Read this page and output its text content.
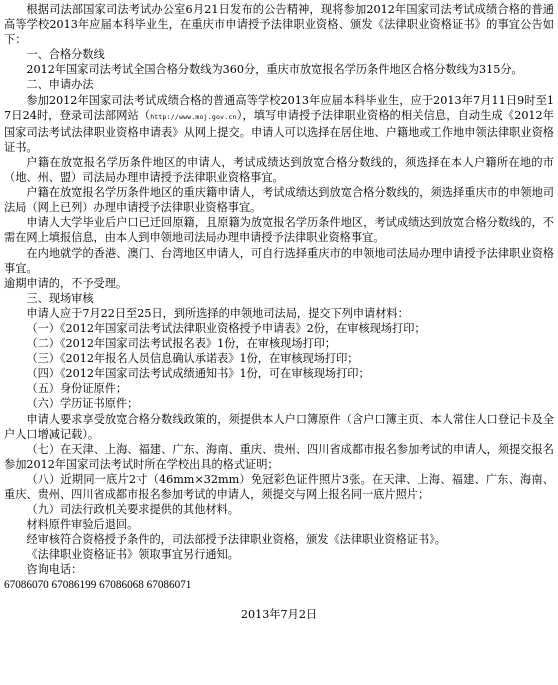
根据司法部国家司法考试办公室6月21日发布的公告精神，现将参加2012年国家司法考试成绩合格的普通高等学校2013年应届本科毕业生，在重庆市申请授予法律职业资格、颁发《法律职业资格证书》的事宜公告如下：

一、合格分数线

2012年国家司法考试全国合格分数线为360分，重庆市放宽报名学历条件地区合格分数线为315分。

二、申请办法

参加2012年国家司法考试成绩合格的普通高等学校2013年应届本科毕业生，应于2013年7月11日9时至17日24时，登录司法部网站（http://www.moj.gov.cn），填写申请授予法律职业资格的相关信息，自动生成《2012年国家司法考试法律职业资格申请表》从网上提交。申请人可以选择在居住地、户籍地或工作地申领法律职业资格证书。

户籍在放宽报名学历条件地区的申请人，考试成绩达到放宽合格分数线的，须选择在本人户籍所在地的市（地、州、盟）司法局办理申请授予法律职业资格事宜。

户籍在放宽报名学历条件地区的重庆籍申请人，考试成绩达到放宽合格分数线的，须选择重庆市的申领地司法局（网上已列）办理申请授予法律职业资格事宜。

申请人大学毕业后户口已迁回原籍，且原籍为放宽报名学历条件地区，考试成绩达到放宽合格分数线的，不需在网上填报信息，由本人到申领地司法局办理申请授予法律职业资格事宜。

在内地就学的香港、澳门、台湾地区申请人，可自行选择重庆市的申领地司法局办理申请授予法律职业资格事宜。

逾期申请的，不予受理。

三、现场审核

申请人应于7月22日至25日，到所选择的申领地司法局，提交下列申请材料：

（一）《2012年国家司法考试法律职业资格授予申请表》2份，在审核现场打印；

（二）《2012年国家司法考试报名表》1份，在审核现场打印；

（三）《2012年报名人员信息确认承诺表》1份，在审核现场打印；

（四）《2012年国家司法考试成绩通知书》1份，可在审核现场打印；

（五）身份证原件；

（六）学历证书原件；

申请人要求享受放宽合格分数线政策的，须提供本人户口簿原件（含户口簿主页、本人常住人口登记卡及全户人口增减记载）。

（七）在天津、上海、福建、广东、海南、重庆、贵州、四川省成都市报名参加考试的申请人，须提交报名参加2012年国家司法考试时所在学校出具的格式证明；

（八）近期同一底片2寸（46mm×32mm）免冠彩色证件照片3张。在天津、上海、福建、广东、海南、重庆、贵州、四川省成都市报名参加考试的申请人，须提交与网上报名同一底片照片；

（九）司法行政机关要求提供的其他材料。

材料原件审验后退回。

经审核符合资格授予条件的，司法部授予法律职业资格，颁发《法律职业资格证书》。

《法律职业资格证书》领取事宜另行通知。

咨询电话：

67086070 67086199 67086068 67086071

2013年7月2日
